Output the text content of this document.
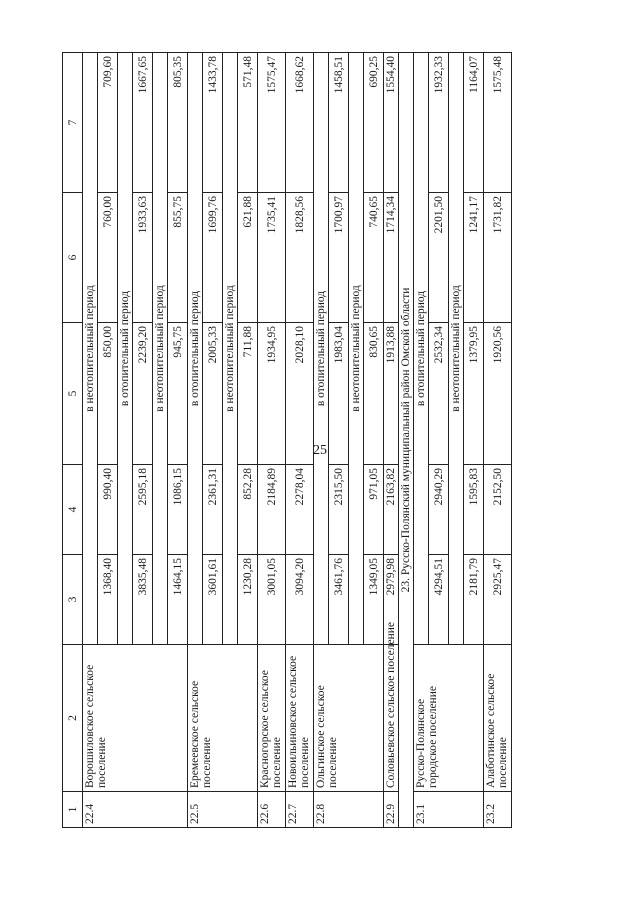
25
1	2	3	4	5	6	7
22.4	Ворошиловское сельское поселение	в неотопительный период				
		1368,40	990,40	850,00	760,00	709,60
		в отопительный период				
		3835,48	2595,18	2239,20	1933,63	1667,65
		в неотопительный период				
		1464,15	1086,15	945,75	855,75	805,35
22.5	Еремеевское сельское поселение	в отопительный период				
		3601,61	2361,31	2005,33	1699,76	1433,78
		в неотопительный период				
		1230,28	852,28	711,88	621,88	571,48
22.6	Красногорское сельское поселение	3001,05	2184,89	1934,95	1735,41	1575,47
22.7	Новоильиновское сельское поселение	3094,20	2278,04	2028,10	1828,56	1668,62
22.8	Ольгинское сельское поселение	в отопительный период				
		3461,76	2315,50	1983,04	1700,97	1458,51
		в неотопительный период				
		1349,05	971,05	830,65	740,65	690,25
22.9	Соловьевское сельское поселение	2979,98	2163,82	1913,88	1714,34	1554,40
23. Русско-Полянский муниципальный район Омской области						
23.1	Русско-Полянское городское поселение	в отопительный период				
		4294,51	2940,29	2532,34	2201,50	1932,33
		в неотопительный период				
		2181,79	1595,83	1379,95	1241,17	1164,07
23.2	Алаботинское сельское поселение	2925,47	2152,50	1920,56	1731,82	1575,48
